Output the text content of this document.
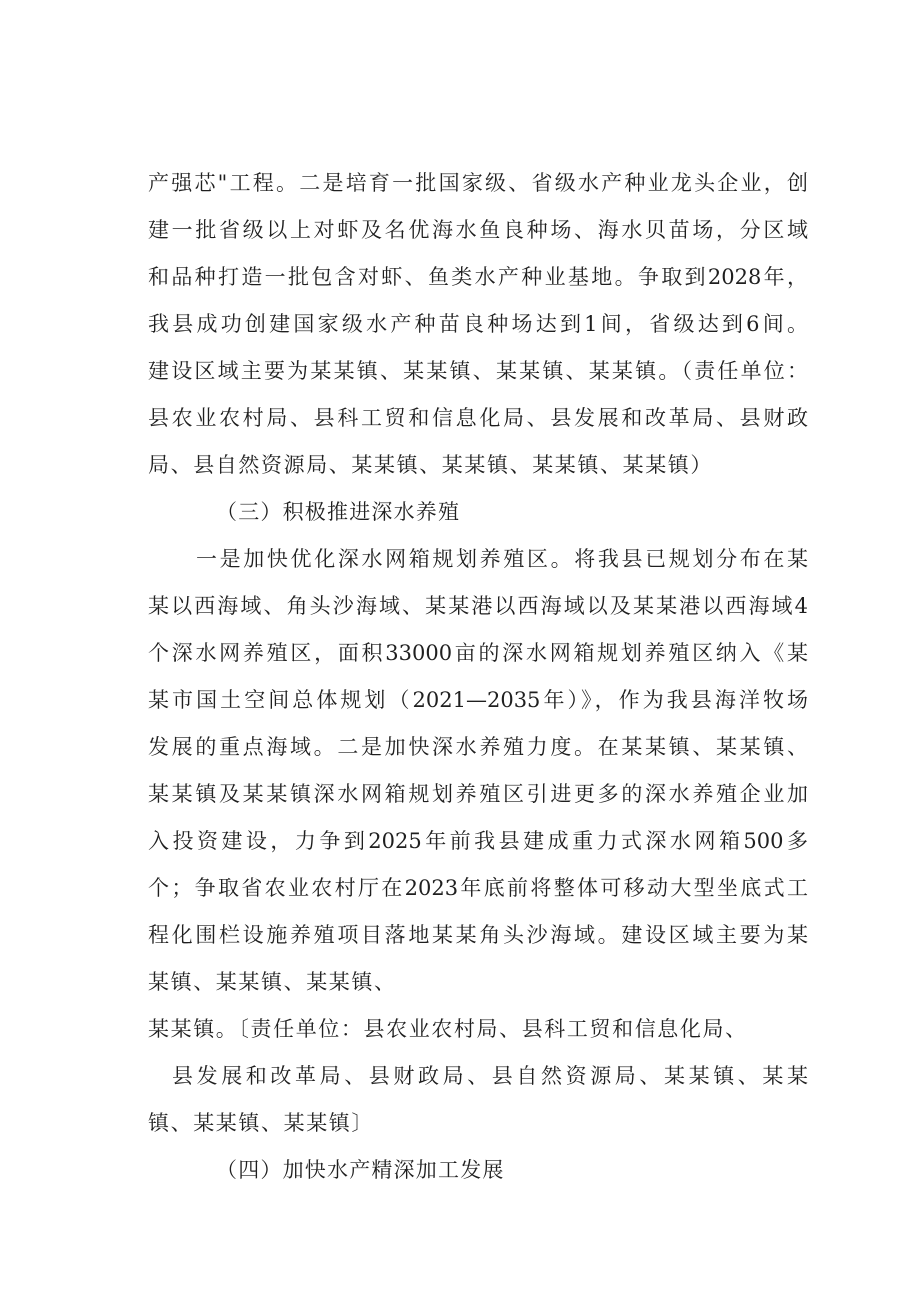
产强芯"工程。二是培育一批国家级、省级水产种业龙头企业，创
建一批省级以上对虾及名优海水鱼良种场、海水贝苗场，分区域
和品种打造一批包含对虾、鱼类水产种业基地。争取到2028年，
我县成功创建国家级水产种苗良种场达到1间，省级达到6间。
建设区域主要为某某镇、某某镇、某某镇、某某镇。（责任单位：
县农业农村局、县科工贸和信息化局、县发展和改革局、县财政
局、县自然资源局、某某镇、某某镇、某某镇、某某镇）
（三）积极推进深水养殖
一是加快优化深水网箱规划养殖区。将我县已规划分布在某
某以西海域、角头沙海域、某某港以西海域以及某某港以西海域4
个深水网养殖区，面积33000亩的深水网箱规划养殖区纳入《某
某市国土空间总体规划（2021—2035年）》，作为我县海洋牧场
发展的重点海域。二是加快深水养殖力度。在某某镇、某某镇、
某某镇及某某镇深水网箱规划养殖区引进更多的深水养殖企业加
入投资建设，力争到2025年前我县建成重力式深水网箱500多
个；争取省农业农村厅在2023年底前将整体可移动大型坐底式工
程化围栏设施养殖项目落地某某角头沙海域。建设区域主要为某
某镇、某某镇、某某镇、
某某镇。〔责任单位：县农业农村局、县科工贸和信息化局、
县发展和改革局、县财政局、县自然资源局、某某镇、某某
镇、某某镇、某某镇〕
（四）加快水产精深加工发展
